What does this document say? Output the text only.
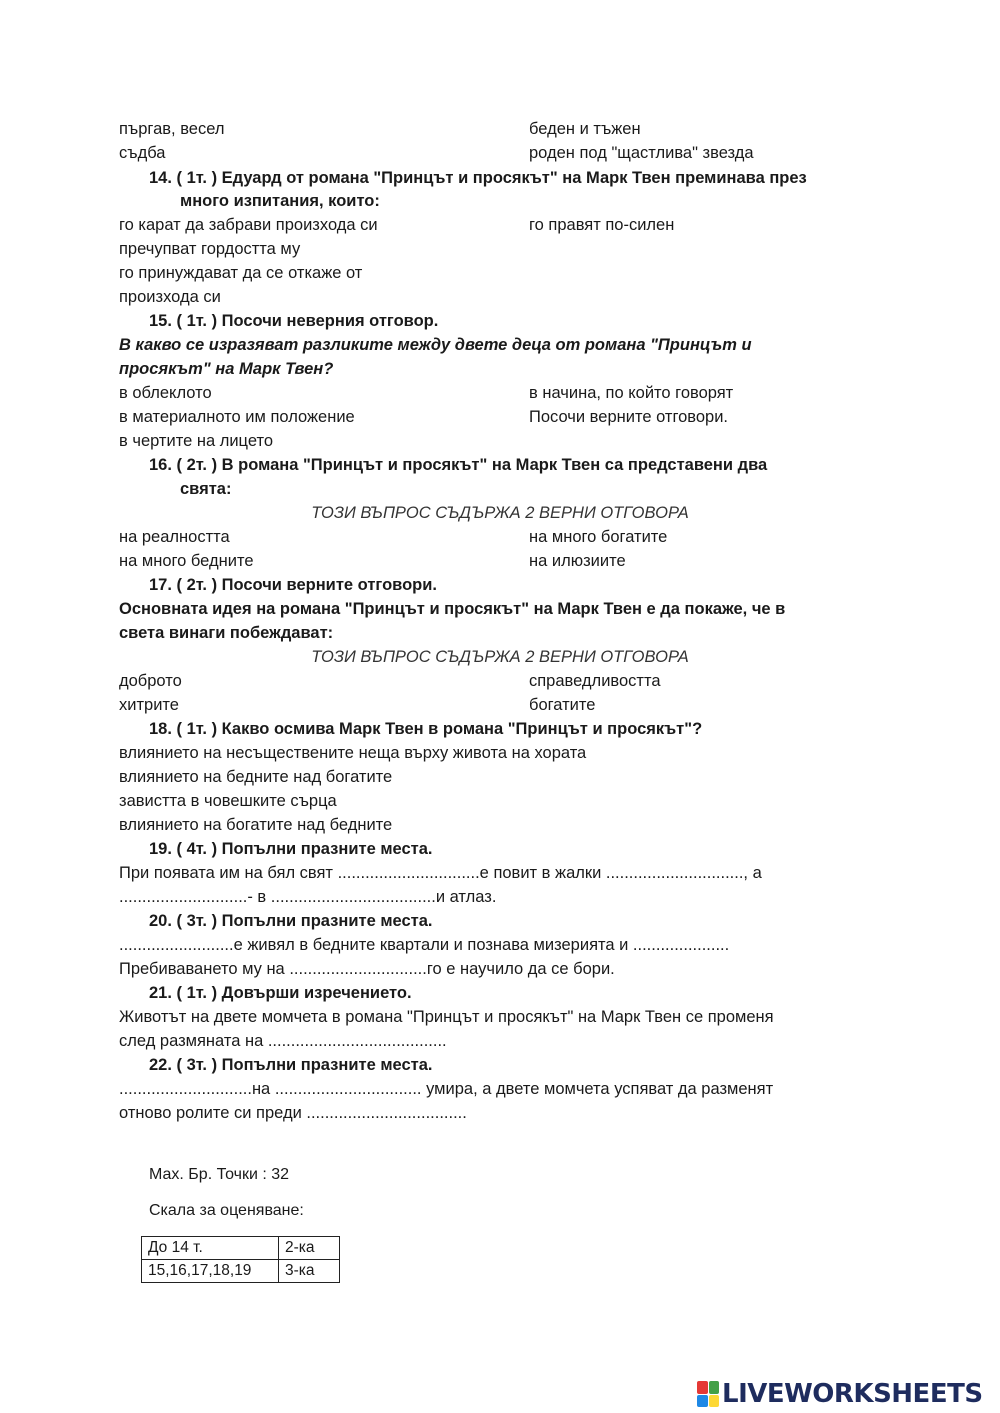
пъргав, весел	беден и тъжен
съдба	роден под "щастлива" звезда
14. ( 1т. ) Едуард от романа "Принцът и просякът" на Марк Твен преминава през
много изпитания, които:
го карат да забрави произхода си	го правят по-силен
пречупват гордостта му
го принуждават да се откаже от
произхода си
15. ( 1т. ) Посочи неверния отговор.
В какво се изразяват разликите между двете деца от романа "Принцът и
просякът" на Марк Твен?
в облеклото	в начина, по който говорят
в материалното им положение	Посочи верните отговори.
в чертите на лицето
16. ( 2т. ) В романа "Принцът и просякът" на Марк Твен са представени два
свята:
ТОЗИ ВЪПРОС СЪДЪРЖА 2 ВЕРНИ ОТГОВОРА
на реалността	на много богатите
на много бедните	на илюзиите
17. ( 2т. ) Посочи верните отговори.
Основната идея на романа "Принцът и просякът" на Марк Твен е да покаже, че в
света винаги побеждават:
ТОЗИ ВЪПРОС СЪДЪРЖА 2 ВЕРНИ ОТГОВОРА
доброто	справедливостта
хитрите	богатите
18. ( 1т. ) Какво осмива Марк Твен в романа "Принцът и просякът"?
влиянието на несъществените неща върху живота на хората
влиянието на бедните над богатите
завистта в човешките сърца
влиянието на богатите над бедните
19. ( 4т. ) Попълни празните места.
При появата им на бял свят ...............................е повит в жалки .............................., а
............................- в ....................................и атлаз.
20. ( 3т. ) Попълни празните места.
.........................е живял в бедните квартали и познава мизерията и .....................
Пребиваването му на ..............................го е научило да се бори.
21. ( 1т. ) Довърши изречението.
Животът на двете момчета в романа "Принцът и просякът" на Марк Твен се променя
след размяната на .......................................
22. ( 3т. ) Попълни празните места.
.............................на ................................ умира, а двете момчета успяват да разменят
отново ролите си преди ...................................
Мах. Бр. Точки : 32
Скала за оценяване:
До 14 т.	2-ка
15,16,17,18,19	3-ка
LIVEWORKSHEETS
